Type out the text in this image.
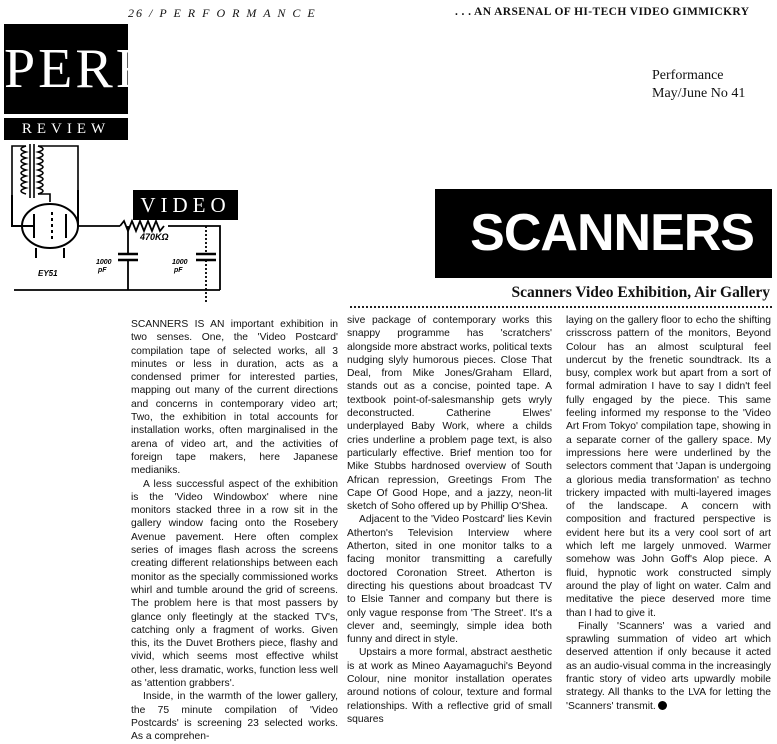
26 / P E R F O R M A N C E	. . . AN ARSENAL OF HI-TECH VIDEO GIMMICKRY
PERF
REVIEW
EY51
470KΩ
1000
pF
1000
pF
VIDEO
Performance
May/June No 41
SCANNERS
Scanners Video Exhibition, Air Gallery

SCANNERS IS AN important exhibition in two senses. One, the 'Video Postcard' compilation tape of selected works, all 3 minutes or less in duration, acts as a condensed primer for interested parties, mapping out many of the current directions and concerns in contemporary video art; Two, the exhibition in total accounts for installation works, often marginalised in the arena of video art, and the activities of foreign tape makers, here Japanese medianiks.

A less successful aspect of the exhibition is the 'Video Windowbox' where nine monitors stacked three in a row sit in the gallery window facing onto the Rosebery Avenue pavement. Here often complex series of images flash across the screens creating different relationships between each monitor as the specially commissioned works whirl and tumble around the grid of screens. The problem here is that most passers by glance only fleetingly at the stacked TV's, catching only a fragment of works. Given this, its the Duvet Brothers piece, flashy and vivid, which seems most effective whilst other, less dramatic, works, function less well as 'attention grabbers'.

Inside, in the warmth of the lower gallery, the 75 minute compilation of 'Video Postcards' is screening 23 selected works. As a comprehen-

sive package of contemporary works this snappy programme has 'scratchers' alongside more abstract works, political texts nudging slyly humorous pieces. Close That Deal, from Mike Jones/Graham Ellard, stands out as a concise, pointed tape. A textbook point-of-salesmanship gets wryly deconstructed. Catherine Elwes' underplayed Baby Work, where a childs cries underline a problem page text, is also particularly effective. Brief mention too for Mike Stubbs hardnosed overview of South African repression, Greetings From The Cape Of Good Hope, and a jazzy, neon-lit sketch of Soho offered up by Phillip O'Shea.

Adjacent to the 'Video Postcard' lies Kevin Atherton's Television Interview where Atherton, sited in one monitor talks to a facing monitor transmitting a carefully doctored Coronation Street. Atherton is directing his questions about broadcast TV to Elsie Tanner and company but there is only vague response from 'The Street'. It's a clever and, seemingly, simple idea both funny and direct in style.

Upstairs a more formal, abstract aesthetic is at work as Mineo Aayamaguchi's Beyond Colour, nine monitor installation operates around notions of colour, texture and formal relationships. With a reflective grid of small squares

laying on the gallery floor to echo the shifting crisscross pattern of the monitors, Beyond Colour has an almost sculptural feel undercut by the frenetic soundtrack. Its a busy, complex work but apart from a sort of formal admiration I have to say I didn't feel fully engaged by the piece. This same feeling informed my response to the 'Video Art From Tokyo' compilation tape, showing in a separate corner of the gallery space. My impressions here were underlined by the selectors comment that 'Japan is undergoing a glorious media transformation' as techno trickery impacted with multi-layered images of the landscape. A concern with composition and fractured perspective is evident here but its a very cool sort of art which left me largely unmoved. Warmer somehow was John Goff's Alop piece. A fluid, hypnotic work constructed simply around the play of light on water. Calm and meditative the piece deserved more time than I had to give it.

Finally 'Scanners' was a varied and sprawling summation of video art which deserved attention if only because it acted as an audio-visual comma in the increasingly frantic story of video arts upwardly mobile strategy. All thanks to the LVA for letting the 'Scanners' transmit.
